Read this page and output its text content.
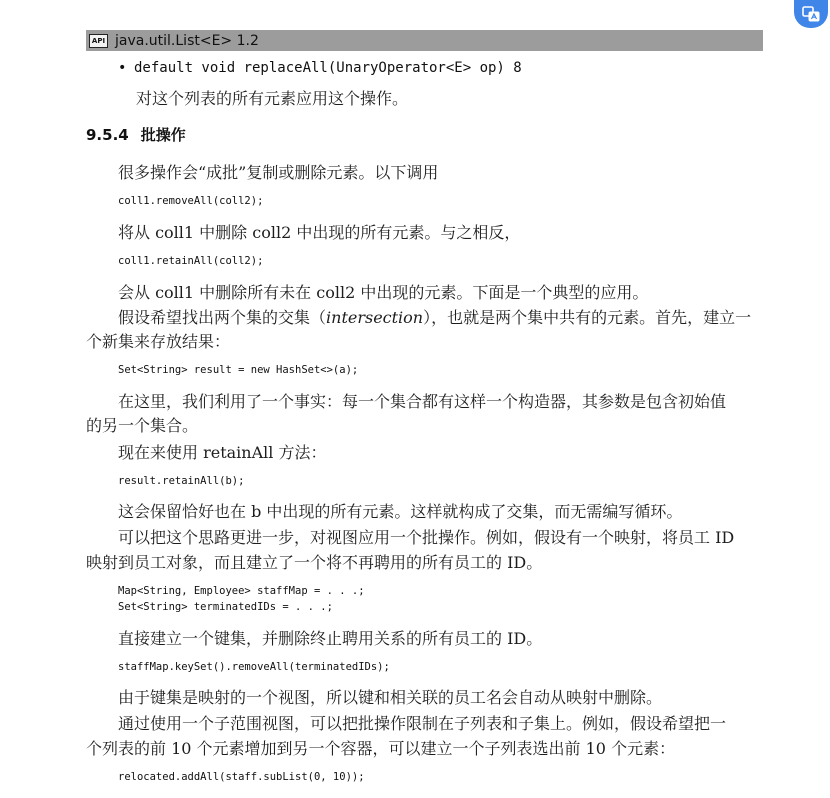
API java.util.List<E> 1.2
• default void replaceAll(UnaryOperator<E> op) 8
对这个列表的所有元素应用这个操作。
9.5.4 批操作
很多操作会“成批”复制或删除元素。以下调用
coll1.removeAll(coll2);
将从 coll1 中删除 coll2 中出现的所有元素。与之相反，
coll1.retainAll(coll2);
会从 coll1 中删除所有未在 coll2 中出现的元素。下面是一个典型的应用。
假设希望找出两个集的交集（intersection），也就是两个集中共有的元素。首先，建立一
个新集来存放结果：
Set<String> result = new HashSet<>(a);
在这里，我们利用了一个事实：每一个集合都有这样一个构造器，其参数是包含初始值
的另一个集合。
现在来使用 retainAll 方法：
result.retainAll(b);
这会保留恰好也在 b 中出现的所有元素。这样就构成了交集，而无需编写循环。
可以把这个思路更进一步，对视图应用一个批操作。例如，假设有一个映射，将员工 ID
映射到员工对象，而且建立了一个将不再聘用的所有员工的 ID。
Map<String, Employee> staffMap = . . .;
Set<String> terminatedIDs = . . .;
直接建立一个键集，并删除终止聘用关系的所有员工的 ID。
staffMap.keySet().removeAll(terminatedIDs);
由于键集是映射的一个视图，所以键和相关联的员工名会自动从映射中删除。
通过使用一个子范围视图，可以把批操作限制在子列表和子集上。例如，假设希望把一
个列表的前 10 个元素增加到另一个容器，可以建立一个子列表选出前 10 个元素：
relocated.addAll(staff.subList(0, 10));
